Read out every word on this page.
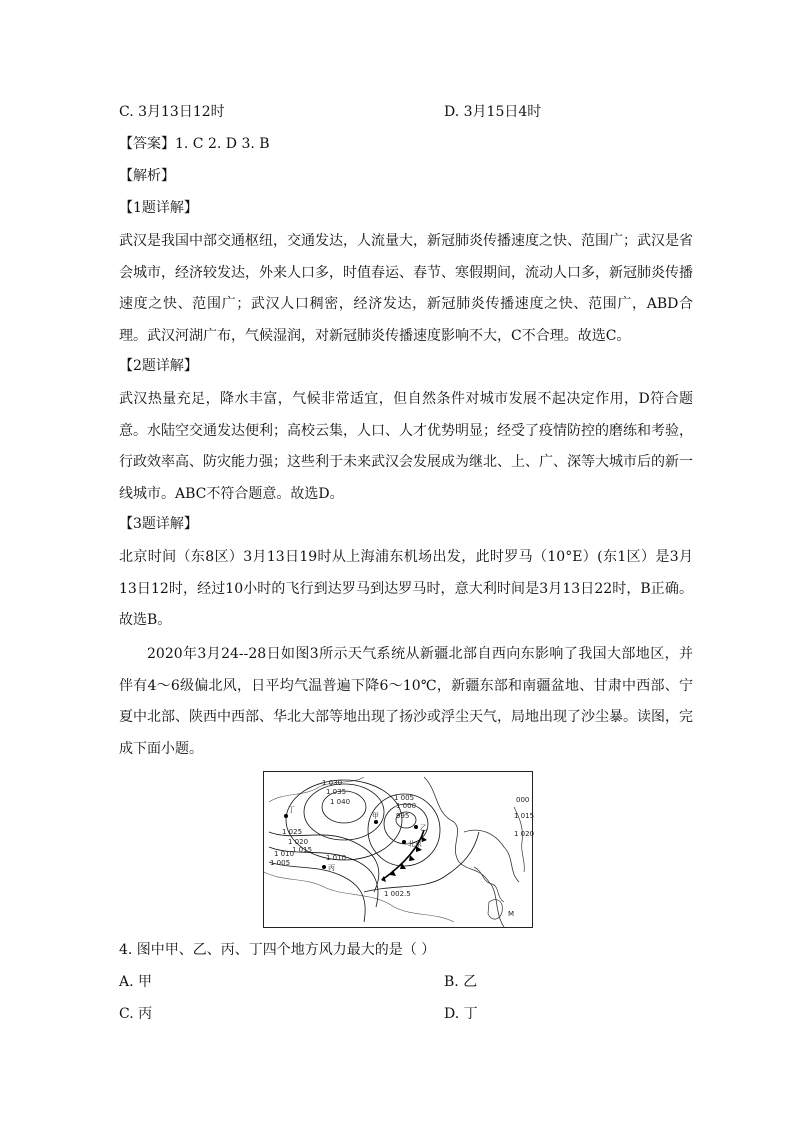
C. 3月13日12时	D. 3月15日4时
【答案】1. C 2. D 3. B
【解析】
【1题详解】
武汉是我国中部交通枢纽，交通发达，人流量大，新冠肺炎传播速度之快、范围广；武汉是省会城市，经济较发达，外来人口多，时值春运、春节、寒假期间，流动人口多，新冠肺炎传播速度之快、范围广；武汉人口稠密，经济发达，新冠肺炎传播速度之快、范围广，ABD合理。武汉河湖广布，气候湿润，对新冠肺炎传播速度影响不大，C不合理。故选C。
【2题详解】
武汉热量充足，降水丰富，气候非常适宜，但自然条件对城市发展不起决定作用，D符合题意。水陆空交通发达便利；高校云集，人口、人才优势明显；经受了疫情防控的磨练和考验，行政效率高、防灾能力强；这些利于未来武汉会发展成为继北、上、广、深等大城市后的新一线城市。ABC不符合题意。故选D。
【3题详解】
北京时间（东8区）3月13日19时从上海浦东机场出发，此时罗马（10°E）(东1区）是3月13日12时，经过10小时的飞行到达罗马到达罗马时，意大利时间是3月13日22时，B正确。故选B。
2020年3月24--28日如图3所示天气系统从新疆北部自西向东影响了我国大部地区，并伴有4～6级偏北风，日平均气温普遍下降6～10℃，新疆东部和南疆盆地、甘肃中西部、宁夏中北部、陕西中西部、华北大部等地出现了扬沙或浮尘天气，局地出现了沙尘暴。读图，完成下面小题。
1 030
1 035
1 040
1 025
1 020
1 015
1 010
1 005
1 005
1 000
995
1 010
1 002.5
1 015
1 020
000
甲
乙
丙
丁
北京
M
4. 图中甲、乙、丙、丁四个地方风力最大的是（ ）
A. 甲	B. 乙
C. 丙	D. 丁
